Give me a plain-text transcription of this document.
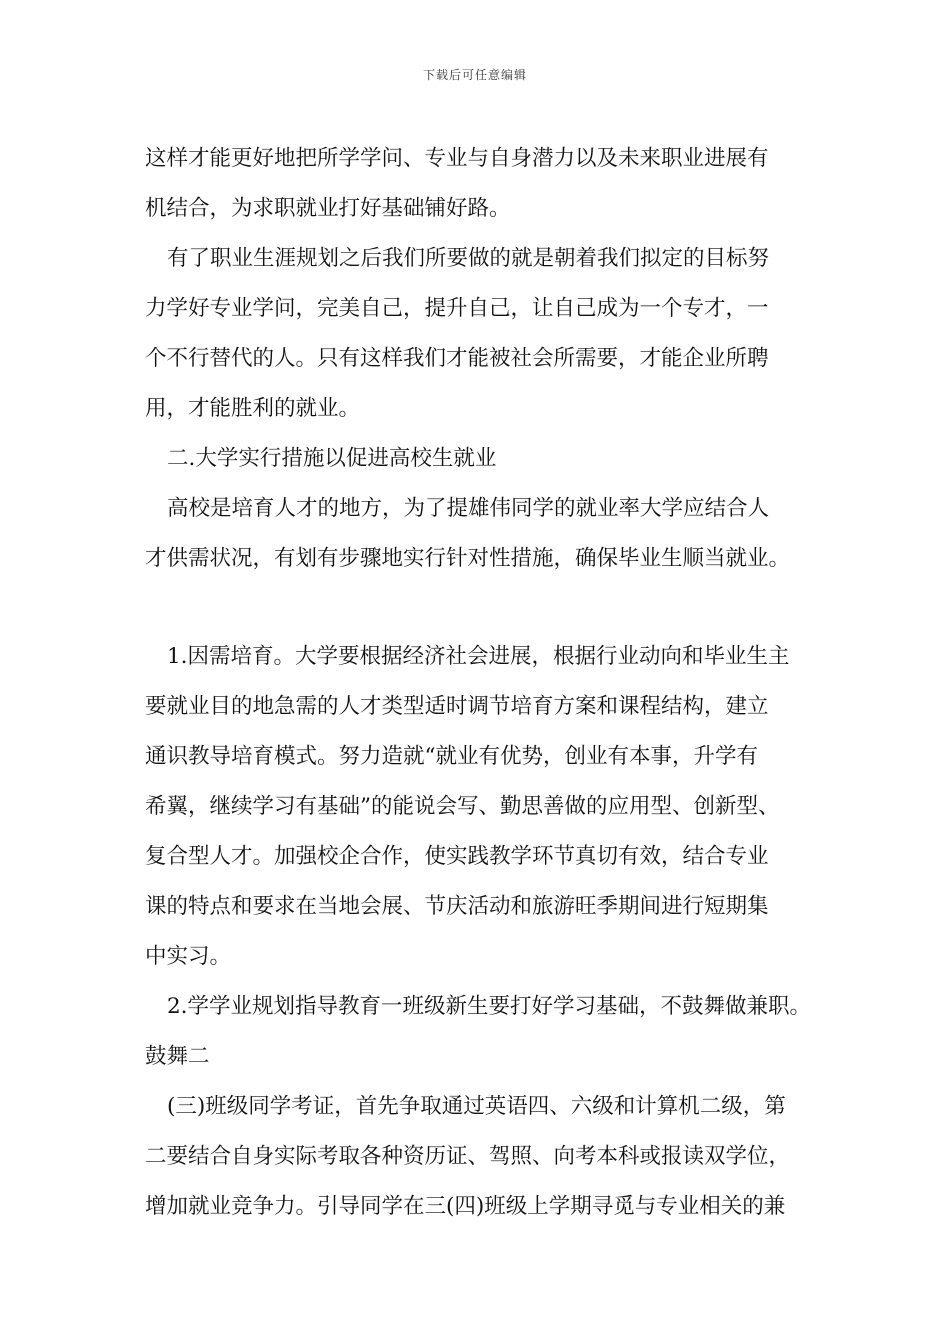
下载后可任意编辑
这样才能更好地把所学学问、专业与自身潜力以及未来职业进展有
机结合，为求职就业打好基础铺好路。
有了职业生涯规划之后我们所要做的就是朝着我们拟定的目标努
力学好专业学问，完美自己，提升自己，让自己成为一个专才，一
个不行替代的人。只有这样我们才能被社会所需要，才能企业所聘
用，才能胜利的就业。
二.大学实行措施以促进高校生就业
高校是培育人才的地方，为了提雄伟同学的就业率大学应结合人
才供需状况，有划有步骤地实行针对性措施，确保毕业生顺当就业。
1.因需培育。大学要根据经济社会进展，根据行业动向和毕业生主
要就业目的地急需的人才类型适时调节培育方案和课程结构，建立
通识教导培育模式。努力造就“就业有优势，创业有本事，升学有
希翼，继续学习有基础”的能说会写、勤思善做的应用型、创新型、
复合型人才。加强校企合作，使实践教学环节真切有效，结合专业
课的特点和要求在当地会展、节庆活动和旅游旺季期间进行短期集
中实习。
2.学学业规划指导教育一班级新生要打好学习基础，不鼓舞做兼职。
鼓舞二
(三)班级同学考证，首先争取通过英语四、六级和计算机二级，第
二要结合自身实际考取各种资历证、驾照、向考本科或报读双学位，
增加就业竞争力。引导同学在三(四)班级上学期寻觅与专业相关的兼
